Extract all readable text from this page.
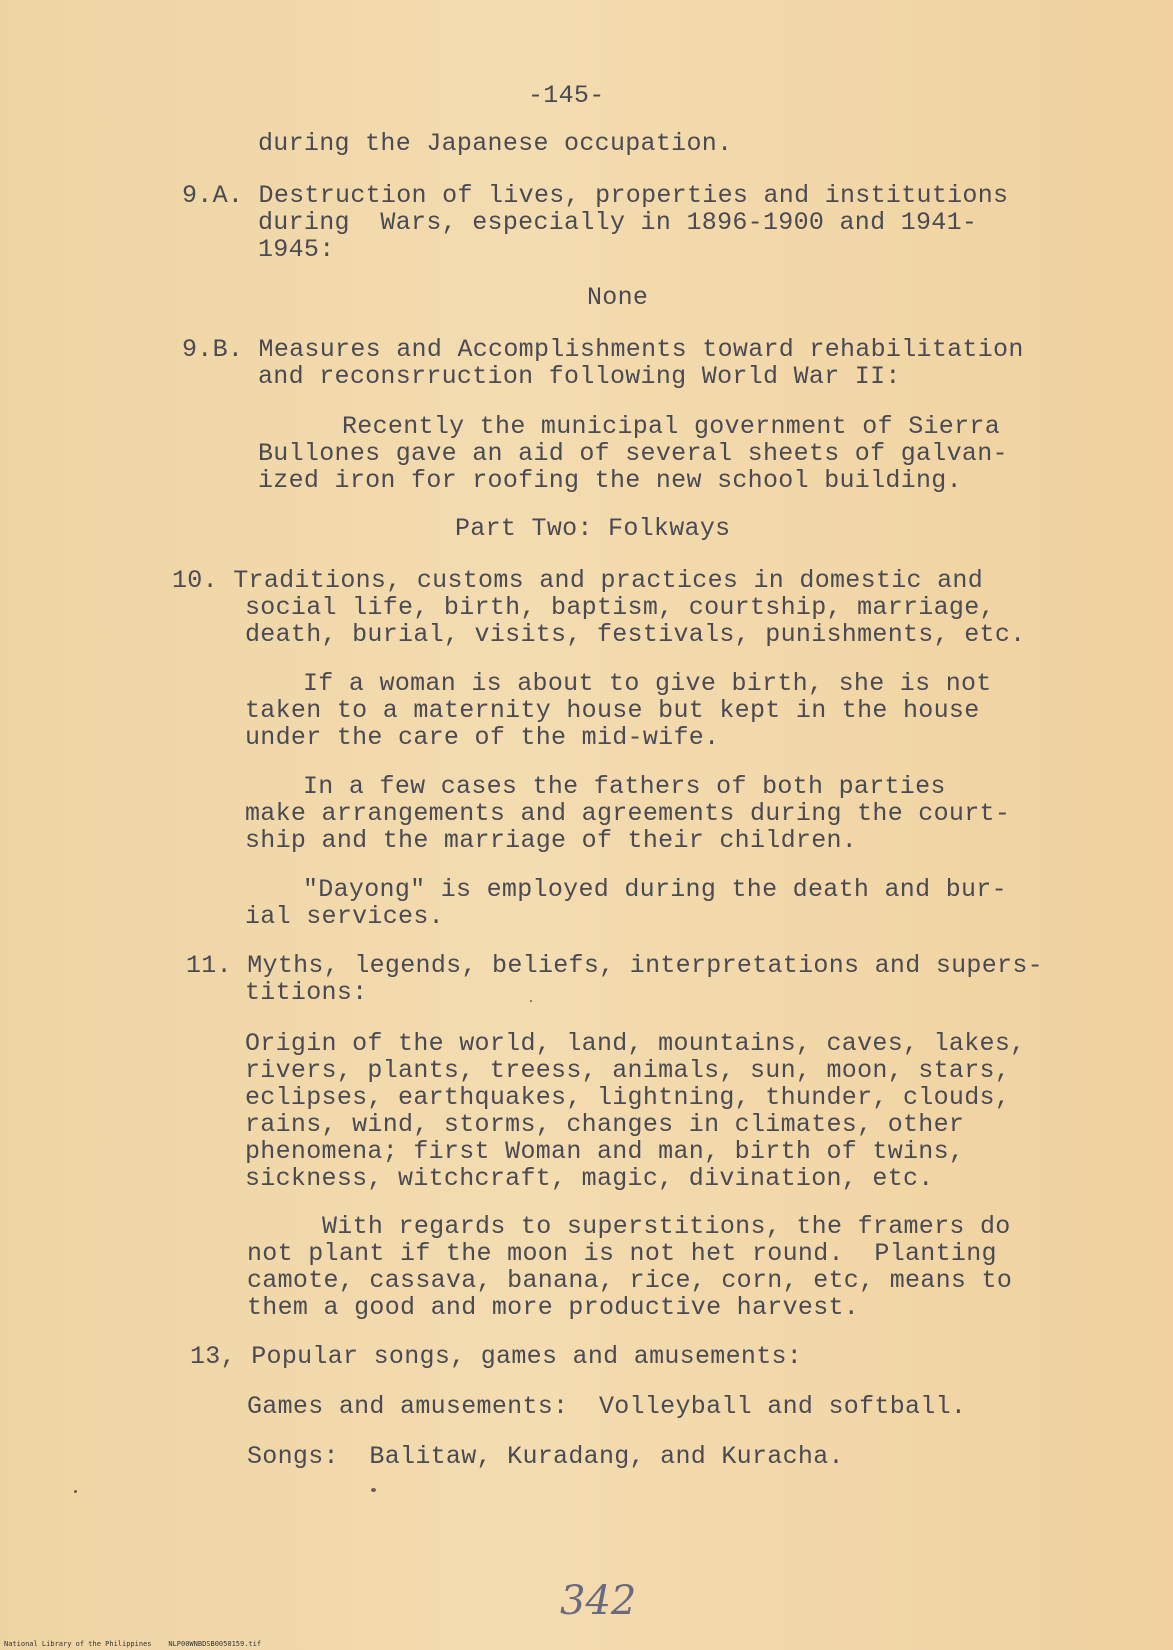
-145-
during the Japanese occupation.
9.A. Destruction of lives, properties and institutions
during  Wars, especially in 1896-1900 and 1941-
1945:
None
9.B. Measures and Accomplishments toward rehabilitation
and reconsrruction following World War II:
Recently the municipal government of Sierra
Bullones gave an aid of several sheets of galvan-
ized iron for roofing the new school building.
Part Two: Folkways
10. Traditions, customs and practices in domestic and
social life, birth, baptism, courtship, marriage,
death, burial, visits, festivals, punishments, etc.
If a woman is about to give birth, she is not
taken to a maternity house but kept in the house
under the care of the mid-wife.
In a few cases the fathers of both parties
make arrangements and agreements during the court-
ship and the marriage of their children.
"Dayong" is employed during the death and bur-
ial services.
11. Myths, legends, beliefs, interpretations and supers-
titions:
Origin of the world, land, mountains, caves, lakes,
rivers, plants, treess, animals, sun, moon, stars,
eclipses, earthquakes, lightning, thunder, clouds,
rains, wind, storms, changes in climates, other
phenomena; first Woman and man, birth of twins,
sickness, witchcraft, magic, divination, etc.
With regards to superstitions, the framers do
not plant if the moon is not het round.  Planting
camote, cassava, banana, rice, corn, etc, means to
them a good and more productive harvest.
13, Popular songs, games and amusements:
Games and amusements:  Volleyball and softball.
Songs:  Balitaw, Kuradang, and Kuracha.
342
National Library of the Philippines    NLP00WNBDSB0050159.tif
